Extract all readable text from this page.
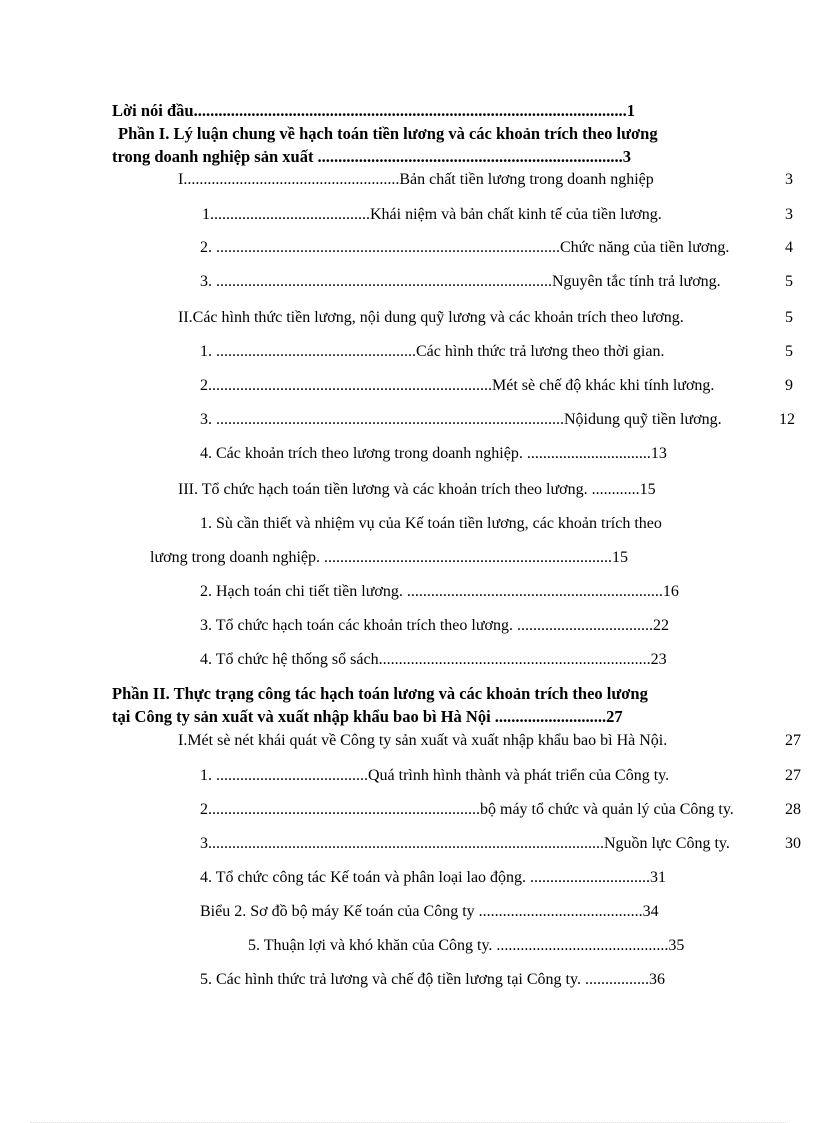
Lời nói đầu.........................................................................................................1
Phần I. Lý luận chung về hạch toán tiền lương và các khoản trích theo lương
trong doanh nghiệp sản xuất ..........................................................................3
I......................................................Bản chất tiền lương trong doanh nghiệp	3
1........................................Khái niệm và bản chất kinh tế của tiền lương.	3
2. ......................................................................................Chức năng của tiền lương.	4
3. ....................................................................................Nguyên tắc tính trả lương.	5
II.Các hình thức tiền lương, nội dung quỹ lương và các khoản trích theo lương.	5
1. ..................................................Các hình thức trả lương theo thời gian.	5
2.......................................................................Mét sè chế độ khác khi tính lương.	9
3. .......................................................................................Nộidung quỹ tiền lương.	12
4. Các khoản trích theo lương trong doanh nghiệp. ...............................13
III. Tổ chức hạch toán tiền lương và các khoản trích theo lương. ............15
1. Sù cần thiết và nhiệm vụ của Kế toán tiền lương, các khoản trích theo
lương trong doanh nghiệp. ........................................................................15
2. Hạch toán chi tiết tiền lương. ................................................................16
3. Tổ chức hạch toán các khoản trích theo lương. ..................................22
4. Tổ chức hệ thống sổ sách....................................................................23
Phần II. Thực trạng công tác hạch toán lương và các khoản trích theo lương
tại Công ty sản xuất và xuất nhập khẩu bao bì Hà Nội ...........................27
I.Mét sè nét khái quát về Công ty sản xuất và xuất nhập khẩu bao bì Hà Nội.	27
1. ......................................Quá trình hình thành và phát triển của Công ty.	27
2....................................................................bộ máy tổ chức và quản lý của Công ty.	28
3...................................................................................................Nguồn lực Công ty.	30
4. Tổ chức công tác Kế toán và phân loại lao động. ..............................31
Biểu 2. Sơ đồ bộ máy Kế toán của Công ty .........................................34
5. Thuận lợi và khó khăn của Công ty. ...........................................35
5. Các hình thức trả lương và chế độ tiền lương tại Công ty. ................36
